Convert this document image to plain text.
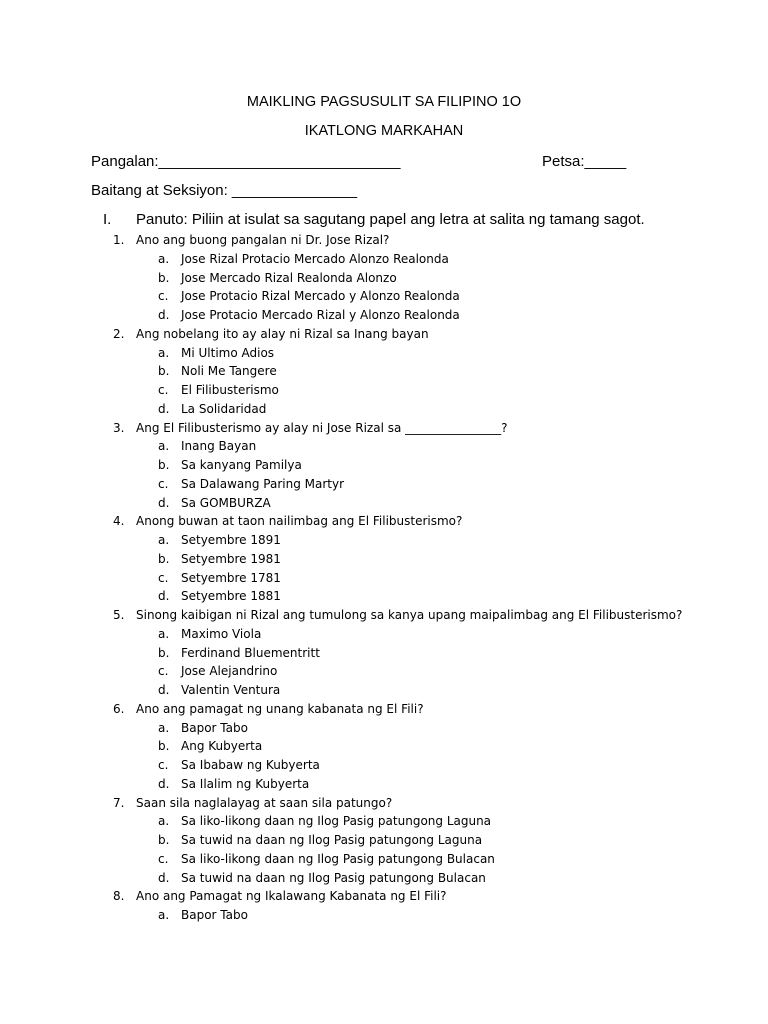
MAIKLING PAGSUSULIT SA FILIPINO 1O
IKATLONG MARKAHAN
Pangalan:_____________________________	Petsa:_____
Baitang at Seksiyon: _______________
I. Panuto: Piliin at isulat sa sagutang papel ang letra at salita ng tamang sagot.
1. Ano ang buong pangalan ni Dr. Jose Rizal?
a. Jose Rizal Protacio Mercado Alonzo Realonda
b. Jose Mercado Rizal Realonda Alonzo
c. Jose Protacio Rizal Mercado y Alonzo Realonda
d. Jose Protacio Mercado Rizal y Alonzo Realonda
2. Ang nobelang ito ay alay ni Rizal sa Inang bayan
a. Mi Ultimo Adios
b. Noli Me Tangere
c. El Filibusterismo
d. La Solidaridad
3. Ang El Filibusterismo ay alay ni Jose Rizal sa ________________?
a. Inang Bayan
b. Sa kanyang Pamilya
c. Sa Dalawang Paring Martyr
d. Sa GOMBURZA
4. Anong buwan at taon nailimbag ang El Filibusterismo?
a. Setyembre 1891
b. Setyembre 1981
c. Setyembre 1781
d. Setyembre 1881
5. Sinong kaibigan ni Rizal ang tumulong sa kanya upang maipalimbag ang El Filibusterismo?
a. Maximo Viola
b. Ferdinand Bluementritt
c. Jose Alejandrino
d. Valentin Ventura
6. Ano ang pamagat ng unang kabanata ng El Fili?
a. Bapor Tabo
b. Ang Kubyerta
c. Sa Ibabaw ng Kubyerta
d. Sa Ilalim ng Kubyerta
7. Saan sila naglalayag at saan sila patungo?
a. Sa liko-likong daan ng Ilog Pasig patungong Laguna
b. Sa tuwid na daan ng Ilog Pasig patungong Laguna
c. Sa liko-likong daan ng Ilog Pasig patungong Bulacan
d. Sa tuwid na daan ng Ilog Pasig patungong Bulacan
8. Ano ang Pamagat ng Ikalawang Kabanata ng El Fili?
a. Bapor Tabo
